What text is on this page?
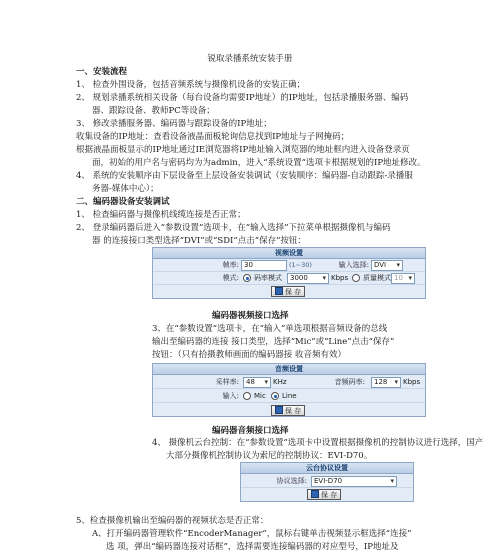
锐取录播系统安装手册
一、安装流程
1、 检查外围设备，包括音频系统与摄像机设备的安装正确；
2、 规划录播系统相关设备（每台设备均需要IP地址）的IP地址，包括录播服务器、编码
器、跟踪设备、教师PC等设备；
3、 修改录播服务器、编码器与跟踪设备的IP地址；
收集设备的IP地址：查看设备液晶面板轮询信息找到IP地址与子网掩码；
根据液晶面板显示的IP地址通过IE浏览器将IP地址输入浏览器的地址框内进入设备登录页
面，初始的用户名与密码均为为admin，进入“系统设置”选项卡根据规划的IP地址修改。
4、 系统的安装顺序由下层设备至上层设备安装调试（安装顺序：编码器-自动跟踪-录播服
务器-媒体中心）；
二、编码器设备安装调试
1、 检查编码器与摄像机线缆连接是否正常；
2、 登录编码器后进入“参数设置”选项卡，在“输入选择”下拉菜单根据摄像机与编码
器 的连接接口类型选择“DVI”或“SDI”点击“保存”按钮：
视频设置
帧率: 30	(1~30)	输入选择: DVI ▾
模式: 码率模式	3000 ▾	Kbps 质量模式 10 ▾
保 存
编码器视频接口选择
3、在“参数设置”选项卡，在“输入”单选项根据音频设备的总线
输出至编码器的连接 接口类型，选择“Mic”或“Line”点击“保存”
按钮：（只有拾摄教师画面的编码器接 收音频有效）
音频设置
采样率:	48 ▾	KHz	音频码率:	128 ▾	Kbps
输入: Mic Line
保 存
编码器音频接口选择
4、 摄像机云台控制：在“参数设置”选项卡中设置根据摄像机的控制协议进行选择，国产
大部分摄像机控制协议为索尼的控制协议：EVI-D70。
云台协议设置
协议选择:	EVI-D70 ▾
保 存
5、检查摄像机输出至编码器的视频状态是否正常：
A、打开编码器管理软件“EncoderManager”，鼠标右键单击视频显示框选择“连接”
选 项，弹出“编码器连接对话框”，选择需要连接编码器的对应型号，IP地址及
